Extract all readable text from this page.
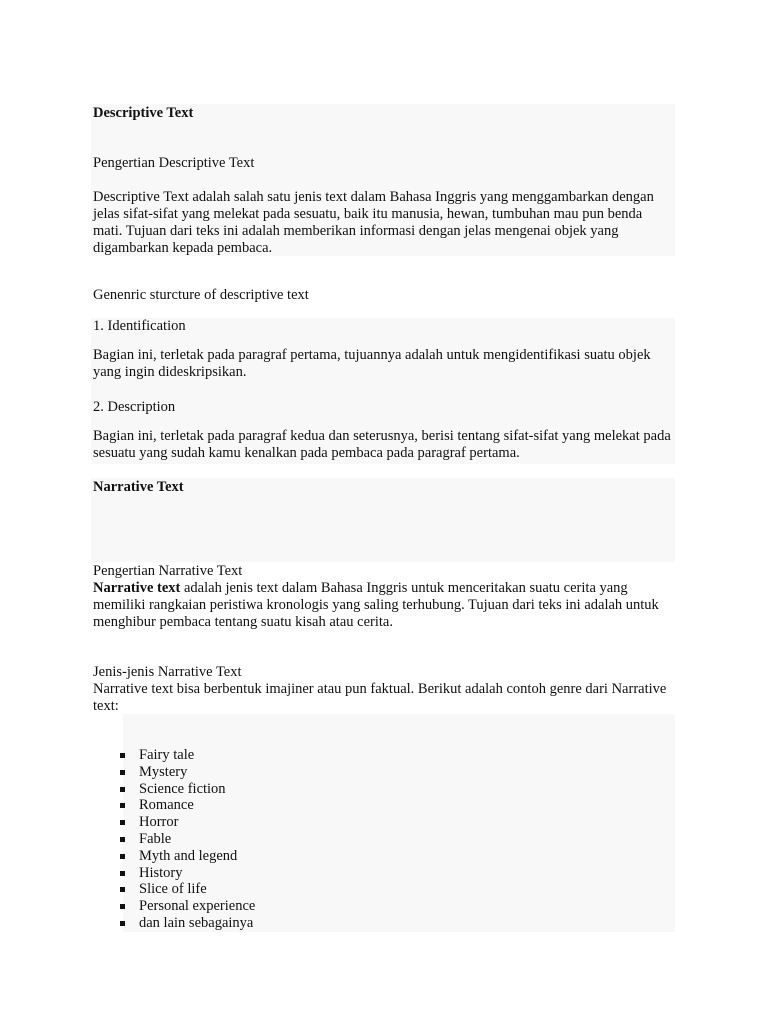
Descriptive Text

Pengertian Descriptive Text

Descriptive Text adalah salah satu jenis text dalam Bahasa Inggris yang menggambarkan dengan jelas sifat-sifat yang melekat pada sesuatu, baik itu manusia, hewan, tumbuhan mau pun benda mati. Tujuan dari teks ini adalah memberikan informasi dengan jelas mengenai objek yang digambarkan kepada pembaca.

Genenric sturcture of descriptive text

1. Identification

Bagian ini, terletak pada paragraf pertama, tujuannya adalah untuk mengidentifikasi suatu objek yang ingin dideskripsikan.

2. Description

Bagian ini, terletak pada paragraf kedua dan seterusnya, berisi tentang sifat-sifat yang melekat pada sesuatu yang sudah kamu kenalkan pada pembaca pada paragraf pertama.

Narrative Text

Pengertian Narrative Text

Narrative text adalah jenis text dalam Bahasa Inggris untuk menceritakan suatu cerita yang memiliki rangkaian peristiwa kronologis yang saling terhubung. Tujuan dari teks ini adalah untuk menghibur pembaca tentang suatu kisah atau cerita.

Jenis-jenis Narrative Text

Narrative text bisa berbentuk imajiner atau pun faktual. Berikut adalah contoh genre dari Narrative text:

Fairy tale
Mystery
Science fiction
Romance
Horror
Fable
Myth and legend
History
Slice of life
Personal experience
dan lain sebagainya
